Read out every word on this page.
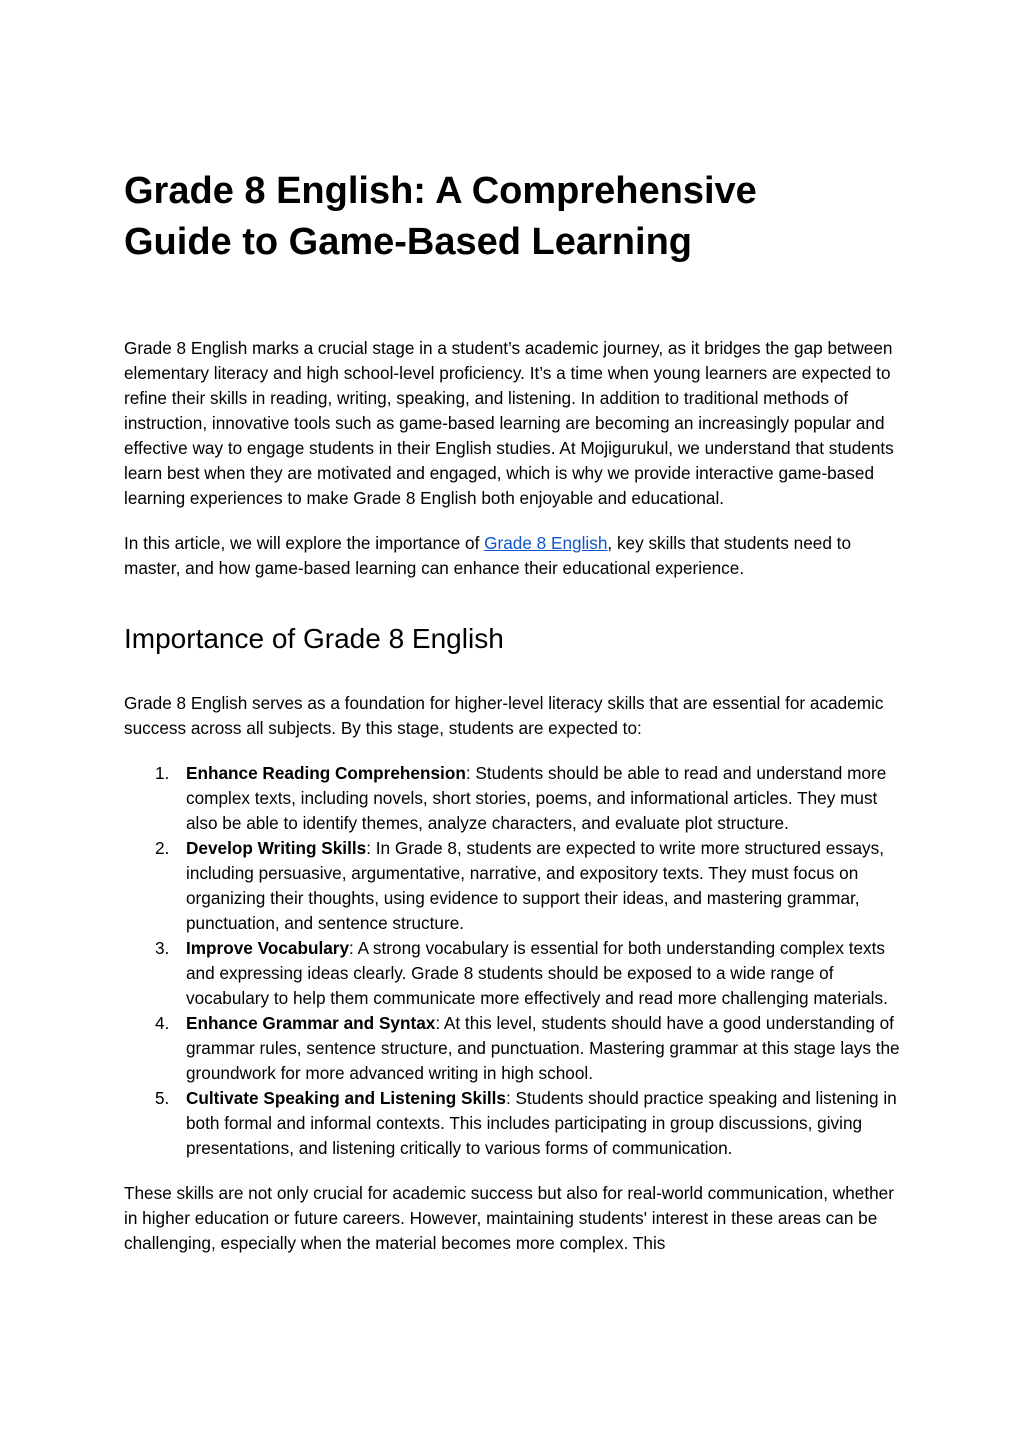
Grade 8 English: A Comprehensive Guide to Game-Based Learning

Grade 8 English marks a crucial stage in a student’s academic journey, as it bridges the gap between elementary literacy and high school-level proficiency. It’s a time when young learners are expected to refine their skills in reading, writing, speaking, and listening. In addition to traditional methods of instruction, innovative tools such as game-based learning are becoming an increasingly popular and effective way to engage students in their English studies. At Mojigurukul, we understand that students learn best when they are motivated and engaged, which is why we provide interactive game-based learning experiences to make Grade 8 English both enjoyable and educational.

In this article, we will explore the importance of Grade 8 English, key skills that students need to master, and how game-based learning can enhance their educational experience.

Importance of Grade 8 English

Grade 8 English serves as a foundation for higher-level literacy skills that are essential for academic success across all subjects. By this stage, students are expected to:

1. Enhance Reading Comprehension: Students should be able to read and understand more complex texts, including novels, short stories, poems, and informational articles. They must also be able to identify themes, analyze characters, and evaluate plot structure.
2. Develop Writing Skills: In Grade 8, students are expected to write more structured essays, including persuasive, argumentative, narrative, and expository texts. They must focus on organizing their thoughts, using evidence to support their ideas, and mastering grammar, punctuation, and sentence structure.
3. Improve Vocabulary: A strong vocabulary is essential for both understanding complex texts and expressing ideas clearly. Grade 8 students should be exposed to a wide range of vocabulary to help them communicate more effectively and read more challenging materials.
4. Enhance Grammar and Syntax: At this level, students should have a good understanding of grammar rules, sentence structure, and punctuation. Mastering grammar at this stage lays the groundwork for more advanced writing in high school.
5. Cultivate Speaking and Listening Skills: Students should practice speaking and listening in both formal and informal contexts. This includes participating in group discussions, giving presentations, and listening critically to various forms of communication.

These skills are not only crucial for academic success but also for real-world communication, whether in higher education or future careers. However, maintaining students' interest in these areas can be challenging, especially when the material becomes more complex. This
